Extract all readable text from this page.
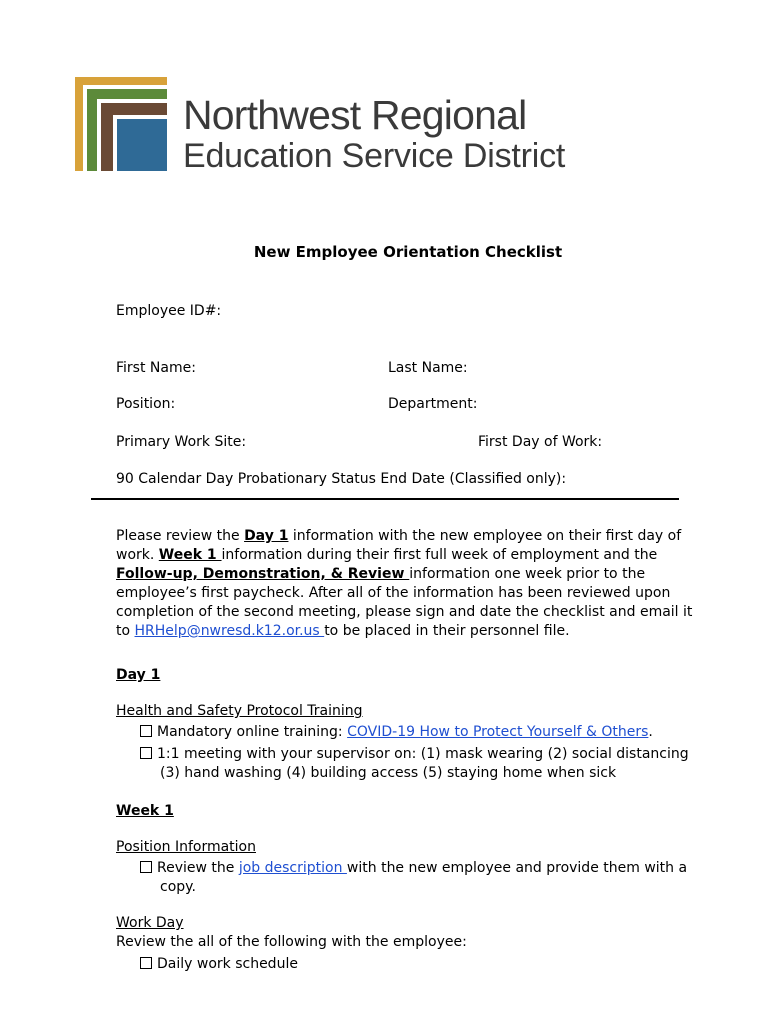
Northwest Regional
Education Service District
New Employee Orientation Checklist
Employee ID#:
First Name:	Last Name:
Position:	Department:
Primary Work Site:	First Day of Work:
90 Calendar Day Probationary Status End Date (Classified only):
Please review the Day 1 information with the new employee on their first day of work. Week 1 information during their first full week of employment and the Follow-up, Demonstration, & Review information one week prior to the employee’s first paycheck. After all of the information has been reviewed upon completion of the second meeting, please sign and date the checklist and email it to HRHelp@nwresd.k12.or.us to be placed in their personnel file.
Day 1
Health and Safety Protocol Training
Mandatory online training: COVID-19 How to Protect Yourself & Others.
1:1 meeting with your supervisor on: (1) mask wearing (2) social distancing
(3) hand washing (4) building access (5) staying home when sick
Week 1
Position Information
Review the job description with the new employee and provide them with a
copy.
Work Day
Review the all of the following with the employee:
Daily work schedule
